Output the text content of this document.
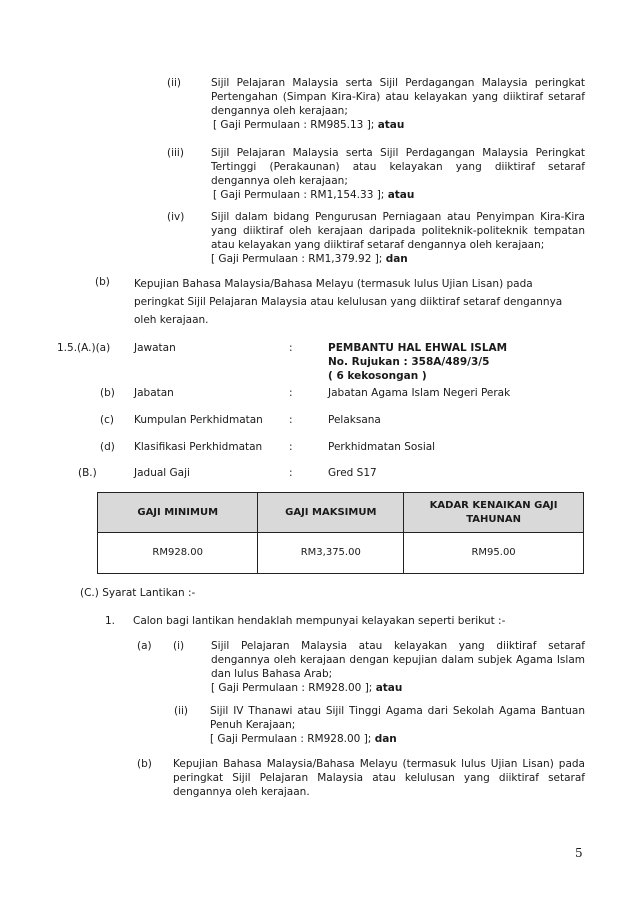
(ii)	Sijil Pelajaran Malaysia serta Sijil Perdagangan Malaysia peringkat Pertengahan (Simpan Kira-Kira) atau kelayakan yang diiktiraf setaraf dengannya oleh kerajaan;
[ Gaji Permulaan : RM985.13 ]; atau
(iii)	Sijil Pelajaran Malaysia serta Sijil Perdagangan Malaysia Peringkat Tertinggi (Perakaunan) atau kelayakan yang diiktiraf setaraf dengannya oleh kerajaan;
[ Gaji Permulaan : RM1,154.33 ]; atau
(iv)	Sijil dalam bidang Pengurusan Perniagaan atau Penyimpan Kira-Kira yang diiktiraf oleh kerajaan daripada politeknik-politeknik tempatan atau kelayakan yang diiktiraf setaraf dengannya oleh kerajaan;
[ Gaji Permulaan : RM1,379.92 ]; dan
(b) Kepujian Bahasa Malaysia/Bahasa Melayu (termasuk lulus Ujian Lisan) pada peringkat Sijil Pelajaran Malaysia atau kelulusan yang diiktiraf setaraf dengannya oleh kerajaan.
1.5.(A.)(a) Jawatan	:	PEMBANTU HAL EHWAL ISLAM
No. Rujukan : 358A/489/3/5
( 6 kekosongan )
(b) Jabatan	:	Jabatan Agama Islam Negeri Perak
(c) Kumpulan Perkhidmatan :	Pelaksana
(d) Klasifikasi Perkhidmatan	:	Perkhidmatan Sosial
(B.)	Jadual Gaji	:	Gred S17
GAJI MINIMUM	GAJI MAKSIMUM	KADAR KENAIKAN GAJI TAHUNAN
RM928.00	RM3,375.00	RM95.00
(C.) Syarat Lantikan :-
1. Calon bagi lantikan hendaklah mempunyai kelayakan seperti berikut :-
(a) (i)	Sijil Pelajaran Malaysia atau kelayakan yang diiktiraf setaraf dengannya oleh kerajaan dengan kepujian dalam subjek Agama Islam dan lulus Bahasa Arab;
[ Gaji Permulaan : RM928.00 ]; atau
(ii) Sijil IV Thanawi atau Sijil Tinggi Agama dari Sekolah Agama Bantuan Penuh Kerajaan;
[ Gaji Permulaan : RM928.00 ]; dan
(b) Kepujian Bahasa Malaysia/Bahasa Melayu (termasuk lulus Ujian Lisan) pada peringkat Sijil Pelajaran Malaysia atau kelulusan yang diiktiraf setaraf dengannya oleh kerajaan.
5
